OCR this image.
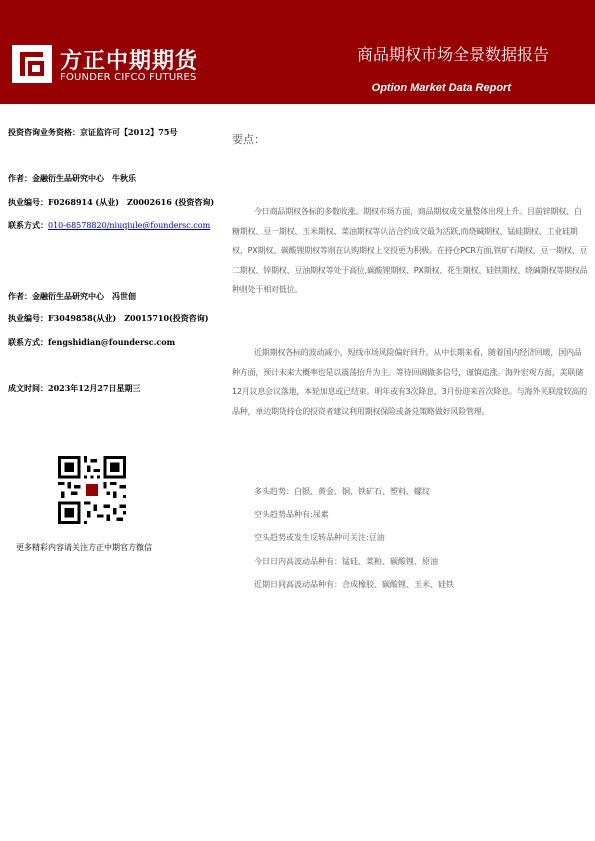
方正中期期货
FOUNDER CIFCO FUTURES
商品期权市场全景数据报告
Option Market Data Report
投资咨询业务资格：京证监许可【2012】75号
作者：金融衍生品研究中心　牛秋乐
执业编号：F0268914 (从业)　Z0002616 (投资咨询)
联系方式：010-68578820/niuqiule@foundersc.com
作者：金融衍生品研究中心　冯世佃
执业编号：F3049858(从业)　Z0015710(投资咨询)
联系方式：fengshidian@foundersc.com
成文时间：2023年12月27日星期三
更多精彩内容请关注方正中期官方微信
要点：
今日商品期权各标的多数收涨。期权市场方面，商品期权成交量整体出现上升。目前锌期权、白糖期权、豆一期权、玉米期权、菜油期权等认沽合约成交最为活跃,而烧碱期权、锰硅期权、工业硅期权、PX期权、碳酸锂期权等则在认购期权上交投更为积极。在持仓PCR方面,铁矿石期权、豆一期权、豆二期权、锌期权、豆油期权等处于高位,碳酸锂期权、PX期权、花生期权、硅铁期权、烧碱期权等期权品种则处于相对低位。
近期期权各标的波动减小，短线市场风险偏好回升。从中长期来看，随着国内经济回暖，国内品种方面，预计未来大概率也是以震荡抬升为主。等待回调做多信号，谨慎追涨。海外宏观方面，美联储12月议息会议落地，本轮加息或已结束。明年或有3次降息，3月份迎来首次降息。与海外关联度较高的品种，单边期货持仓的投资者建议利用期权保险或备兑策略做好风险管理。
多头趋势：白银、黄金、铜、铁矿石、塑料、螺纹
空头趋势品种有:尿素
空头趋势或发生反转品种可关注:豆油
今日日内高波动品种有：锰硅、菜粕、碳酸锂、原油
近期日间高波动品种有：合成橡胶、碳酸锂、玉米、硅铁
